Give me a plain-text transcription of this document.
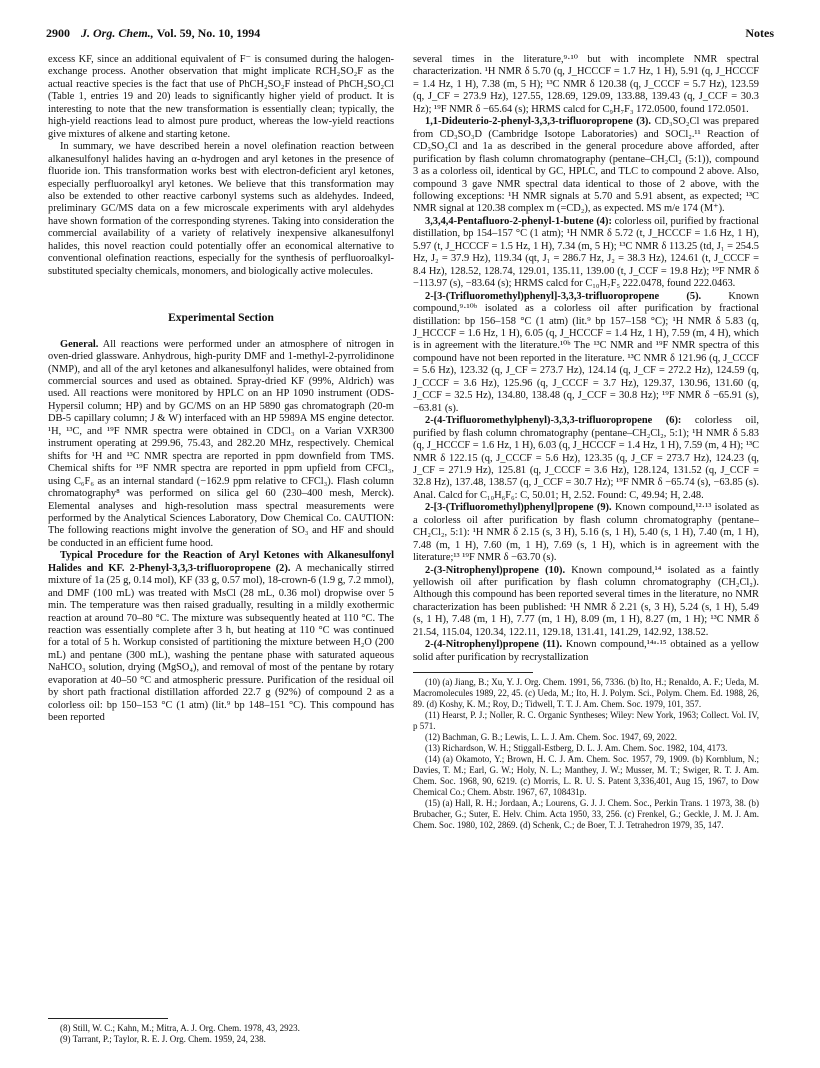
2900 J. Org. Chem., Vol. 59, No. 10, 1994	Notes

excess KF, since an additional equivalent of F⁻ is consumed during the halogen-exchange process. Another observation that might implicate RCH₂SO₂F as the actual reactive species is the fact that use of PhCH₂SO₂F instead of PhCH₂SO₂Cl (Table 1, entries 19 and 20) leads to significantly higher yield of product. It is interesting to note that the new transformation is essentially clean; typically, the high-yield reactions lead to almost pure product, whereas the low-yield reactions give mixtures of alkene and starting ketone.

In summary, we have described herein a novel olefination reaction between alkanesulfonyl halides having an α-hydrogen and aryl ketones in the presence of fluoride ion. This transformation works best with electron-deficient aryl ketones, especially perfluoroalkyl aryl ketones. We believe that this transformation may also be extended to other reactive carbonyl systems such as aldehydes. Indeed, preliminary GC/MS data on a few microscale experiments with aryl aldehydes have shown formation of the corresponding styrenes. Taking into consideration the commercial availability of a variety of relatively inexpensive alkanesulfonyl halides, this novel reaction could potentially offer an economical alternative to conventional olefination reactions, especially for the synthesis of perfluoroalkyl-substituted specialty chemicals, monomers, and biologically active molecules.

Experimental Section

General. All reactions were performed under an atmosphere of nitrogen in oven-dried glassware. Anhydrous, high-purity DMF and 1-methyl-2-pyrrolidinone (NMP), and all of the aryl ketones and alkanesulfonyl halides, were obtained from commercial sources and used as obtained. Spray-dried KF (99%, Aldrich) was used. All reactions were monitored by HPLC on an HP 1090 instrument (ODS-Hypersil column; HP) and by GC/MS on an HP 5890 gas chromatograph (20-m DB-5 capillary column; J & W) interfaced with an HP 5989A MS engine detector. ¹H, ¹³C, and ¹⁹F NMR spectra were obtained in CDCl₃ on a Varian VXR300 instrument operating at 299.96, 75.43, and 282.20 MHz, respectively. Chemical shifts for ¹H and ¹³C NMR spectra are reported in ppm downfield from TMS. Chemical shifts for ¹⁹F NMR spectra are reported in ppm upfield from CFCl₃, using C₆F₆ as an internal standard (−162.9 ppm relative to CFCl₃). Flash column chromatography⁸ was performed on silica gel 60 (230–400 mesh, Merck). Elemental analyses and high-resolution mass spectral measurements were performed by the Analytical Sciences Laboratory, Dow Chemical Co. CAUTION: The following reactions might involve the generation of SO₃ and HF and should be conducted in an efficient fume hood.

Typical Procedure for the Reaction of Aryl Ketones with Alkanesulfonyl Halides and KF. 2-Phenyl-3,3,3-trifluoropropene (2). A mechanically stirred mixture of 1a (25 g, 0.14 mol), KF (33 g, 0.57 mol), 18-crown-6 (1.9 g, 7.2 mmol), and DMF (100 mL) was treated with MsCl (28 mL, 0.36 mol) dropwise over 5 min. The temperature was then raised gradually, resulting in a mildly exothermic reaction at around 70–80 °C. The mixture was subsequently heated at 110 °C. The reaction was essentially complete after 3 h, but heating at 110 °C was continued for a total of 5 h. Workup consisted of partitioning the mixture between H₂O (200 mL) and pentane (300 mL), washing the pentane phase with saturated aqueous NaHCO₃ solution, drying (MgSO₄), and removal of most of the pentane by rotary evaporation at 40–50 °C and atmospheric pressure. Purification of the residual oil by short path fractional distillation afforded 22.7 g (92%) of compound 2 as a colorless oil: bp 150–153 °C (1 atm) (lit.⁹ bp 148–151 °C). This compound has been reported

(8) Still, W. C.; Kahn, M.; Mitra, A. J. Org. Chem. 1978, 43, 2923.

(9) Tarrant, P.; Taylor, R. E. J. Org. Chem. 1959, 24, 238.

several times in the literature,⁹·¹⁰ but with incomplete NMR spectral characterization. ¹H NMR δ 5.70 (q, J_HCCCF = 1.7 Hz, 1 H), 5.91 (q, J_HCCCF = 1.4 Hz, 1 H), 7.38 (m, 5 H); ¹³C NMR δ 120.38 (q, J_CCCF = 5.7 Hz), 123.59 (q, J_CF = 273.9 Hz), 127.55, 128.69, 129.09, 133.88, 139.43 (q, J_CCF = 30.3 Hz); ¹⁹F NMR δ −65.64 (s); HRMS calcd for C₉H₇F₃ 172.0500, found 172.0501.

1,1-Dideuterio-2-phenyl-3,3,3-trifluoropropene (3). CD₃SO₂Cl was prepared from CD₃SO₃D (Cambridge Isotope Laboratories) and SOCl₂.¹¹ Reaction of CD₃SO₂Cl and 1a as described in the general procedure above afforded, after purification by flash column chromatography (pentane–CH₂Cl₂ (5:1)), compound 3 as a colorless oil, identical by GC, HPLC, and TLC to compound 2 above. Also, compound 3 gave NMR spectral data identical to those of 2 above, with the following exceptions: ¹H NMR signals at 5.70 and 5.91 absent, as expected; ¹³C NMR signal at 120.38 complex m (=CD₂), as expected. MS m/e 174 (M⁺).

3,3,4,4-Pentafluoro-2-phenyl-1-butene (4): colorless oil, purified by fractional distillation, bp 154–157 °C (1 atm); ¹H NMR δ 5.72 (t, J_HCCCF = 1.6 Hz, 1 H), 5.97 (t, J_HCCCF = 1.5 Hz, 1 H), 7.34 (m, 5 H); ¹³C NMR δ 113.25 (td, J₁ = 254.5 Hz, J₂ = 37.9 Hz), 119.34 (qt, J₁ = 286.7 Hz, J₂ = 38.3 Hz), 124.61 (t, J_CCCF = 8.4 Hz), 128.52, 128.74, 129.01, 135.11, 139.00 (t, J_CCF = 19.8 Hz); ¹⁹F NMR δ −113.97 (s), −83.64 (s); HRMS calcd for C₁₀H₇F₅ 222.0478, found 222.0463.

2-[3-(Trifluoromethyl)phenyl]-3,3,3-trifluoropropene (5). Known compound,⁹·¹⁰ᵇ isolated as a colorless oil after purification by fractional distillation: bp 156–158 °C (1 atm) (lit.⁹ bp 157–158 °C); ¹H NMR δ 5.83 (q, J_HCCCF = 1.6 Hz, 1 H), 6.05 (q, J_HCCCF = 1.4 Hz, 1 H), 7.59 (m, 4 H), which is in agreement with the literature.¹⁰ᵇ The ¹³C NMR and ¹⁹F NMR spectra of this compound have not been reported in the literature. ¹³C NMR δ 121.96 (q, J_CCCF = 5.6 Hz), 123.32 (q, J_CF = 273.7 Hz), 124.14 (q, J_CF = 272.2 Hz), 124.59 (q, J_CCCF = 3.6 Hz), 125.96 (q, J_CCCF = 3.7 Hz), 129.37, 130.96, 131.60 (q, J_CCF = 32.5 Hz), 134.80, 138.48 (q, J_CCF = 30.8 Hz); ¹⁹F NMR δ −65.91 (s), −63.81 (s).

2-(4-Trifluoromethylphenyl)-3,3,3-trifluoropropene (6): colorless oil, purified by flash column chromatography (pentane–CH₂Cl₂, 5:1); ¹H NMR δ 5.83 (q, J_HCCCF = 1.6 Hz, 1 H), 6.03 (q, J_HCCCF = 1.4 Hz, 1 H), 7.59 (m, 4 H); ¹³C NMR δ 122.15 (q, J_CCCF = 5.6 Hz), 123.35 (q, J_CF = 273.7 Hz), 124.23 (q, J_CF = 271.9 Hz), 125.81 (q, J_CCCF = 3.6 Hz), 128.124, 131.52 (q, J_CCF = 32.8 Hz), 137.48, 138.57 (q, J_CCF = 30.7 Hz); ¹⁹F NMR δ −65.74 (s), −63.85 (s). Anal. Calcd for C₁₀H₆F₆: C, 50.01; H, 2.52. Found: C, 49.94; H, 2.48.

2-[3-(Trifluoromethyl)phenyl]propene (9). Known compound,¹²·¹³ isolated as a colorless oil after purification by flash column chromatography (pentane–CH₂Cl₂, 5:1): ¹H NMR δ 2.15 (s, 3 H), 5.16 (s, 1 H), 5.40 (s, 1 H), 7.40 (m, 1 H), 7.48 (m, 1 H), 7.60 (m, 1 H), 7.69 (s, 1 H), which is in agreement with the literature;¹³ ¹⁹F NMR δ −63.70 (s).

2-(3-Nitrophenyl)propene (10). Known compound,¹⁴ isolated as a faintly yellowish oil after purification by flash column chromatography (CH₂Cl₂). Although this compound has been reported several times in the literature, no NMR characterization has been published: ¹H NMR δ 2.21 (s, 3 H), 5.24 (s, 1 H), 5.49 (s, 1 H), 7.48 (m, 1 H), 7.77 (m, 1 H), 8.09 (m, 1 H), 8.27 (m, 1 H); ¹³C NMR δ 21.54, 115.04, 120.34, 122.11, 129.18, 131.41, 141.29, 142.92, 138.52.

2-(4-Nitrophenyl)propene (11). Known compound,¹⁴ᵃ·¹⁵ obtained as a yellow solid after purification by recrystallization

(10) (a) Jiang, B.; Xu, Y. J. Org. Chem. 1991, 56, 7336. (b) Ito, H.; Renaldo, A. F.; Ueda, M. Macromolecules 1989, 22, 45. (c) Ueda, M.; Ito, H. J. Polym. Sci., Polym. Chem. Ed. 1988, 26, 89. (d) Koshy, K. M.; Roy, D.; Tidwell, T. T. J. Am. Chem. Soc. 1979, 101, 357.

(11) Hearst, P. J.; Noller, R. C. Organic Syntheses; Wiley: New York, 1963; Collect. Vol. IV, p 571.

(12) Bachman, G. B.; Lewis, L. L. J. Am. Chem. Soc. 1947, 69, 2022.

(13) Richardson, W. H.; Stiggall-Estberg, D. L. J. Am. Chem. Soc. 1982, 104, 4173.

(14) (a) Okamoto, Y.; Brown, H. C. J. Am. Chem. Soc. 1957, 79, 1909. (b) Kornblum, N.; Davies, T. M.; Earl, G. W.; Holy, N. L.; Manthey, J. W.; Musser, M. T.; Swiger, R. T. J. Am. Chem. Soc. 1968, 90, 6219. (c) Morris, L. R. U. S. Patent 3,336,401, Aug 15, 1967, to Dow Chemical Co.; Chem. Abstr. 1967, 67, 108431p.

(15) (a) Hall, R. H.; Jordaan, A.; Lourens, G. J. J. Chem. Soc., Perkin Trans. 1 1973, 38. (b) Brubacher, G.; Suter, E. Helv. Chim. Acta 1950, 33, 256. (c) Frenkel, G.; Geckle, J. M. J. Am. Chem. Soc. 1980, 102, 2869. (d) Schenk, C.; de Boer, T. J. Tetrahedron 1979, 35, 147.
